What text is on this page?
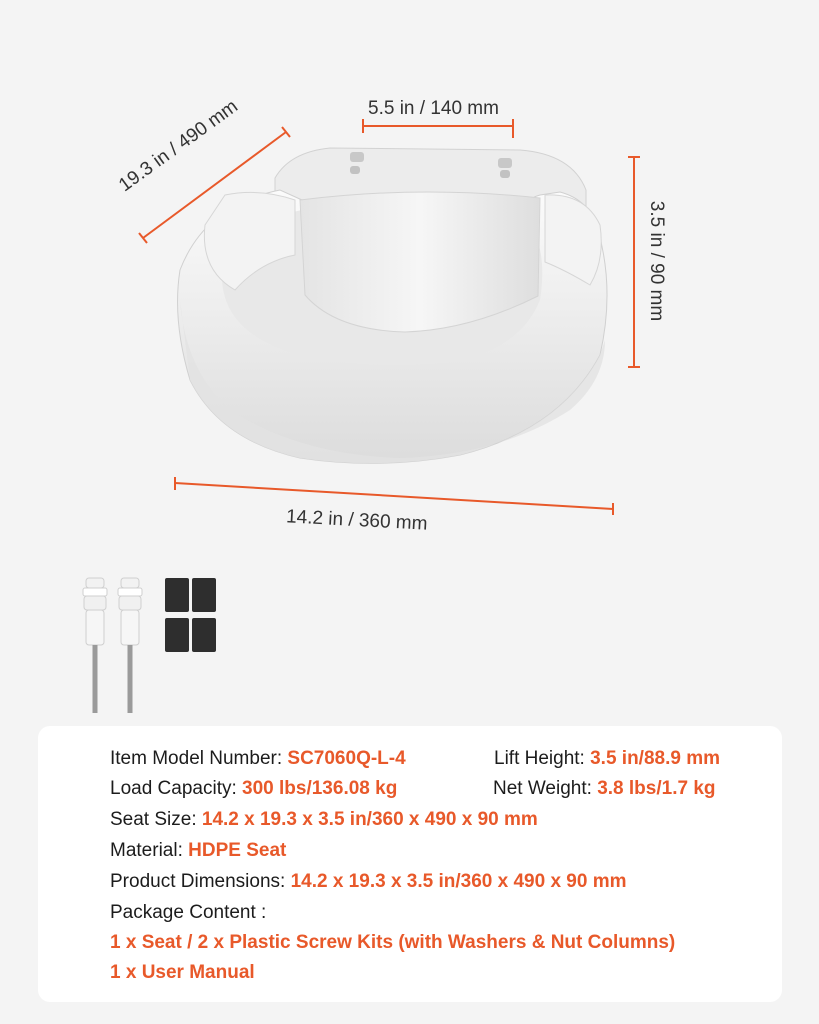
5.5 in / 140 mm
19.3 in / 490 mm
3.5 in / 90 mm
14.2 in / 360 mm
Item Model Number: SC7060Q-L-4	Lift Height: 3.5 in/88.9 mm
Load Capacity: 300 lbs/136.08 kg	Net Weight: 3.8 lbs/1.7 kg
Seat Size: 14.2 x 19.3 x 3.5 in/360 x 490 x 90 mm
Material: HDPE Seat
Product Dimensions: 14.2 x 19.3 x 3.5 in/360 x 490 x 90 mm
Package Content :
1 x Seat / 2 x Plastic Screw Kits (with Washers & Nut Columns)
1 x User Manual
